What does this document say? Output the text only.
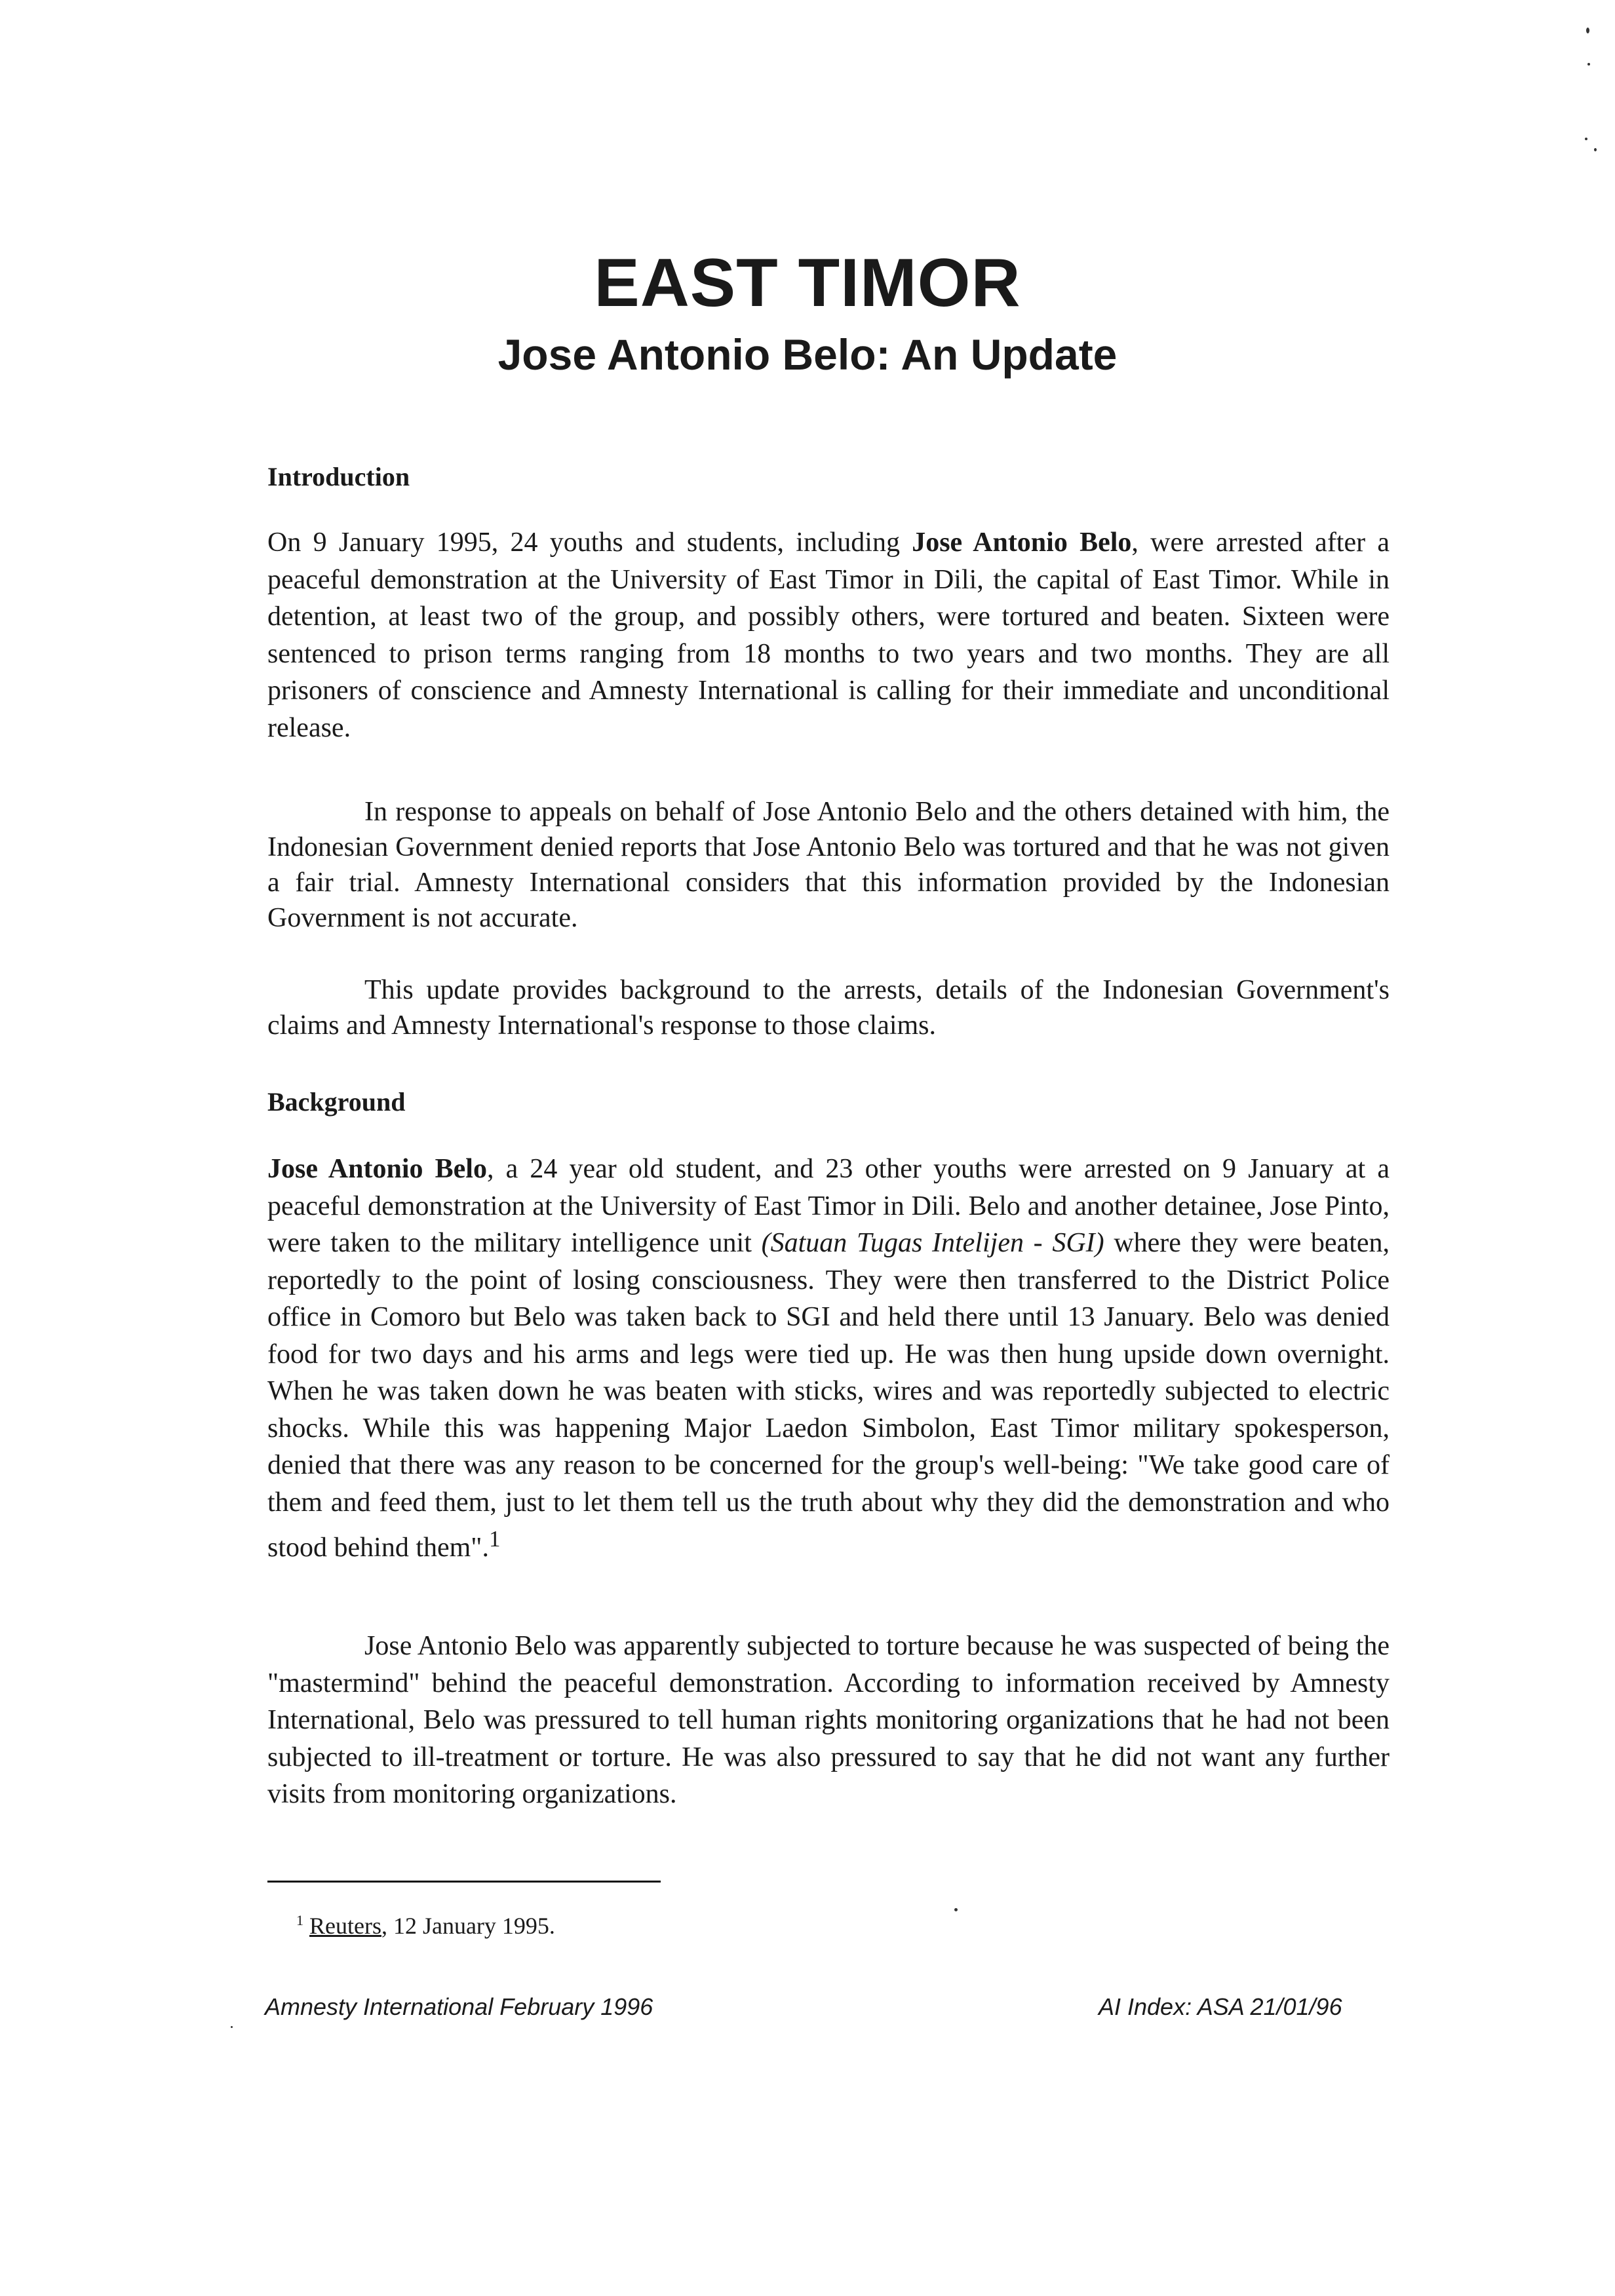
EAST TIMOR
Jose Antonio Belo: An Update
Introduction

On 9 January 1995, 24 youths and students, including Jose Antonio Belo, were arrested after a peaceful demonstration at the University of East Timor in Dili, the capital of East Timor. While in detention, at least two of the group, and possibly others, were tortured and beaten. Sixteen were sentenced to prison terms ranging from 18 months to two years and two months. They are all prisoners of conscience and Amnesty International is calling for their immediate and unconditional release.

In response to appeals on behalf of Jose Antonio Belo and the others detained with him, the Indonesian Government denied reports that Jose Antonio Belo was tortured and that he was not given a fair trial. Amnesty International considers that this information provided by the Indonesian Government is not accurate.

This update provides background to the arrests, details of the Indonesian Government's claims and Amnesty International's response to those claims.

Background

Jose Antonio Belo, a 24 year old student, and 23 other youths were arrested on 9 January at a peaceful demonstration at the University of East Timor in Dili. Belo and another detainee, Jose Pinto, were taken to the military intelligence unit (Satuan Tugas Intelijen - SGI) where they were beaten, reportedly to the point of losing consciousness. They were then transferred to the District Police office in Comoro but Belo was taken back to SGI and held there until 13 January. Belo was denied food for two days and his arms and legs were tied up. He was then hung upside down overnight. When he was taken down he was beaten with sticks, wires and was reportedly subjected to electric shocks. While this was happening Major Laedon Simbolon, East Timor military spokesperson, denied that there was any reason to be concerned for the group's well-being: "We take good care of them and feed them, just to let them tell us the truth about why they did the demonstration and who stood behind them".$^1$

Jose Antonio Belo was apparently subjected to torture because he was suspected of being the "mastermind" behind the peaceful demonstration. According to information received by Amnesty International, Belo was pressured to tell human rights monitoring organizations that he had not been subjected to ill-treatment or torture. He was also pressured to say that he did not want any further visits from monitoring organizations.

$^1$ Reuters, 12 January 1995.

Amnesty International February 1996	AI Index: ASA 21/01/96
